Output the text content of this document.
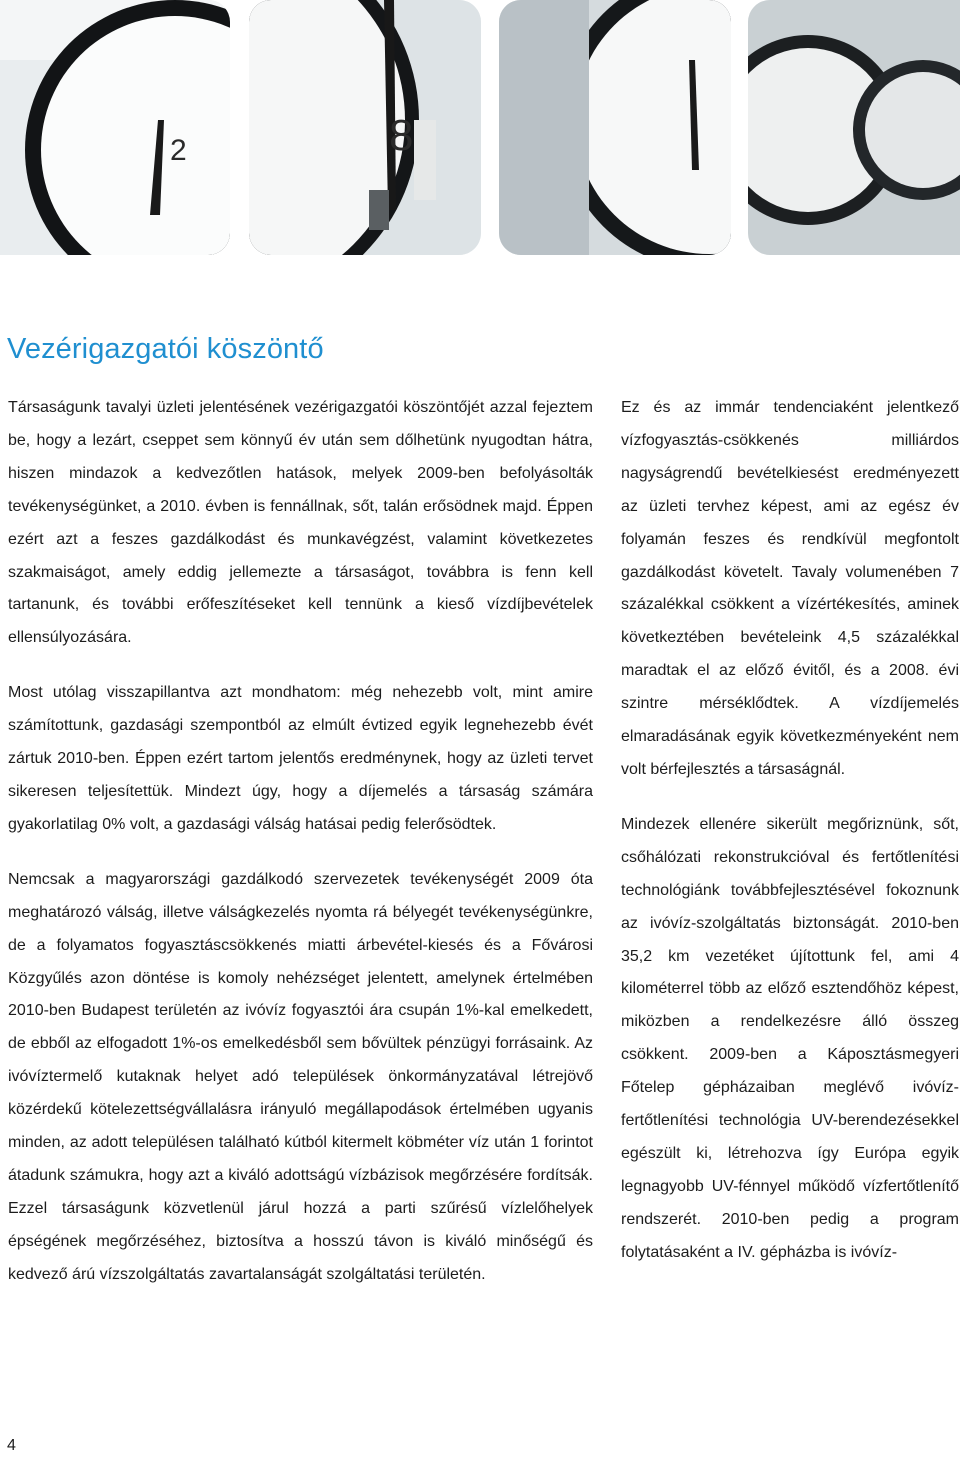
2	8
Vezérigazgatói köszöntő

Társaságunk tavalyi üzleti jelentésének vezérigazgatói köszöntőjét azzal fejeztem be, hogy a lezárt, cseppet sem könnyű év után sem dőlhetünk nyugodtan hátra, hiszen mindazok a kedvezőtlen hatások, melyek 2009-ben befolyásolták tevékenységünket, a 2010. évben is fennállnak, sőt, talán erősödnek majd. Éppen ezért azt a feszes gazdálkodást és munkavégzést, valamint következetes szakmaiságot, amely eddig jellemezte a társaságot, továbbra is fenn kell tartanunk, és további erőfeszítéseket kell tennünk a kieső vízdíjbevételek ellensúlyozására.

Most utólag visszapillantva azt mondhatom: még nehezebb volt, mint amire számítottunk, gazdasági szempontból az elmúlt évtized egyik legnehezebb évét zártuk 2010-ben. Éppen ezért tartom jelentős eredménynek, hogy az üzleti tervet sikeresen teljesítettük. Mindezt úgy, hogy a díjemelés a társaság számára gyakorlatilag 0% volt, a gazdasági válság hatásai pedig felerősödtek.

Nemcsak a magyarországi gazdálkodó szervezetek tevékenységét 2009 óta meghatározó válság, illetve válságkezelés nyomta rá bélyegét tevékenységünkre, de a folyamatos fogyasztáscsökkenés miatti árbevétel-kiesés és a Fővárosi Közgyűlés azon döntése is komoly nehézséget jelentett, amelynek értelmében 2010-ben Budapest területén az ivóvíz fogyasztói ára csupán 1%-kal emelkedett, de ebből az elfogadott 1%-os emelkedésből sem bővültek pénzügyi forrásaink. Az ivóvíztermelő kutaknak helyet adó települések önkormányzatával létrejövő közérdekű kötelezettségvállalásra irányuló megállapodások értelmében ugyanis minden, az adott településen található kútból kitermelt köbméter víz után 1 forintot átadunk számukra, hogy azt a kiváló adottságú vízbázisok megőrzésére fordítsák. Ezzel társaságunk közvetlenül járul hozzá a parti szűrésű vízlelőhelyek épségének megőrzéséhez, biztosítva a hosszú távon is kiváló minőségű és kedvező árú vízszolgáltatás zavartalanságát szolgáltatási területén.

Ez és az immár tendenciaként jelentkező vízfogyasztás-csökkenés milliárdos nagyságrendű bevételkiesést eredményezett az üzleti tervhez képest, ami az egész év folyamán feszes és rendkívül megfontolt gazdálkodást követelt. Tavaly volumenében 7 százalékkal csökkent a vízértékesítés, aminek következtében bevételeink 4,5 százalékkal maradtak el az előző évitől, és a 2008. évi szintre mérséklődtek. A vízdíjemelés elmaradásának egyik következményeként nem volt bérfejlesztés a társaságnál.

Mindezek ellenére sikerült megőriznünk, sőt, csőhálózati rekonstrukcióval és fertőtlenítési technológiánk továbbfejlesztésével fokoznunk az ivóvíz-szolgáltatás biztonságát. 2010-ben 35,2 km vezetéket újítottunk fel, ami 4 kilométerrel több az előző esztendőhöz képest, miközben a rendelkezésre álló összeg csökkent. 2009-ben a Káposztásmegyeri Főtelep gépházaiban meglévő ivóvíz-fertőtlenítési technológia UV-berendezésekkel egészült ki, létrehozva így Európa egyik legnagyobb UV-fénnyel működő vízfertőtlenítő rendszerét. 2010-ben pedig a program folytatásaként a IV. gépházba is ivóvíz-

4
